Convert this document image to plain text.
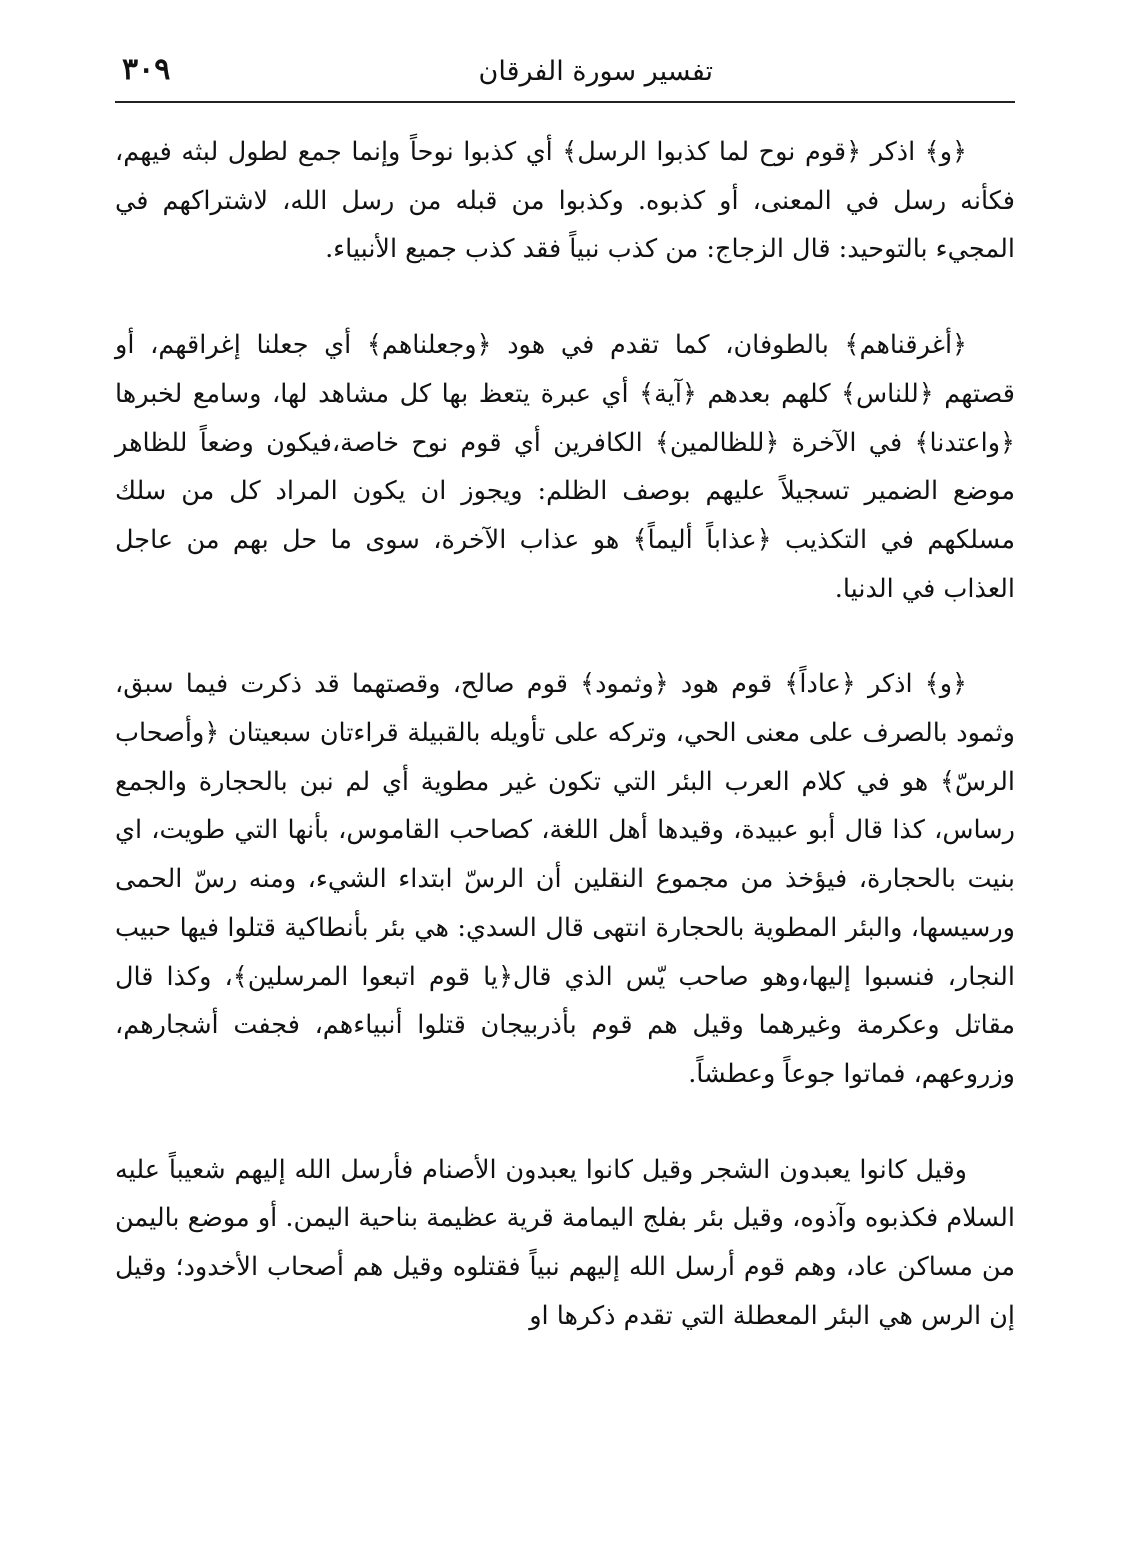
تفسير سورة الفرقان
٣٠٩

﴿و﴾ اذكر ﴿قوم نوح لما كذبوا الرسل﴾ أي كذبوا نوحاً وإنما جمع لطول لبثه فيهم، فكأنه رسل في المعنى، أو كذبوه. وكذبوا من قبله من رسل الله، لاشتراكهم في المجيء بالتوحيد: قال الزجاج: من كذب نبياً فقد كذب جميع الأنبياء.

﴿أغرقناهم﴾ بالطوفان، كما تقدم في هود ﴿وجعلناهم﴾ أي جعلنا إغراقهم، أو قصتهم ﴿للناس﴾ كلهم بعدهم ﴿آية﴾ أي عبرة يتعظ بها كل مشاهد لها، وسامع لخبرها ﴿واعتدنا﴾ في الآخرة ﴿للظالمين﴾ الكافرين أي قوم نوح خاصة،فيكون وضعاً للظاهر موضع الضمير تسجيلاً عليهم بوصف الظلم: ويجوز ان يكون المراد كل من سلك مسلكهم في التكذيب ﴿عذاباً أليماً﴾ هو عذاب الآخرة، سوى ما حل بهم من عاجل العذاب في الدنيا.

﴿و﴾ اذكر ﴿عاداً﴾ قوم هود ﴿وثمود﴾ قوم صالح، وقصتهما قد ذكرت فيما سبق، وثمود بالصرف على معنى الحي، وتركه على تأويله بالقبيلة قراءتان سبعيتان ﴿وأصحاب الرسّ﴾ هو في كلام العرب البئر التي تكون غير مطوية أي لم نبن بالحجارة والجمع رساس، كذا قال أبو عبيدة، وقيدها أهل اللغة، كصاحب القاموس، بأنها التي طويت، اي بنيت بالحجارة، فيؤخذ من مجموع النقلين أن الرسّ ابتداء الشيء، ومنه رسّ الحمى ورسيسها، والبئر المطوية بالحجارة انتهى قال السدي: هي بئر بأنطاكية قتلوا فيها حبيب النجار، فنسبوا إليها،وهو صاحب يّس الذي قال﴿يا قوم اتبعوا المرسلين﴾، وكذا قال مقاتل وعكرمة وغيرهما وقيل هم قوم بأذربيجان قتلوا أنبياءهم، فجفت أشجارهم، وزروعهم، فماتوا جوعاً وعطشاً.

وقيل كانوا يعبدون الشجر وقيل كانوا يعبدون الأصنام فأرسل الله إليهم شعيباً عليه السلام فكذبوه وآذوه، وقيل بئر بفلج اليمامة قرية عظيمة بناحية اليمن. أو موضع باليمن من مساكن عاد، وهم قوم أرسل الله إليهم نبياً فقتلوه وقيل هم أصحاب الأخدود؛ وقيل إن الرس هي البئر المعطلة التي تقدم ذكرها او
